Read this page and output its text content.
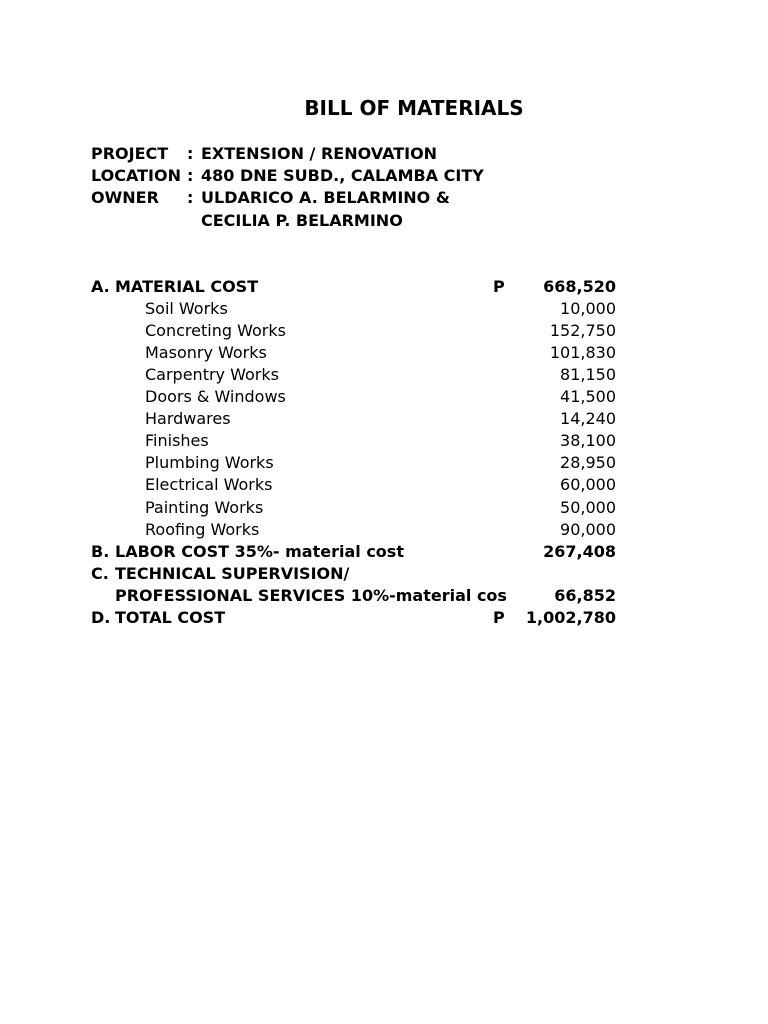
BILL OF MATERIALS
PROJECT : EXTENSION / RENOVATION
LOCATION : 480 DNE SUBD., CALAMBA CITY
OWNER : ULDARICO A. BELARMINO &
CECILIA P. BELARMINO
A. MATERIAL COST	P	668,520
Soil Works	10,000
Concreting Works	152,750
Masonry Works	101,830
Carpentry Works	81,150
Doors & Windows	41,500
Hardwares	14,240
Finishes	38,100
Plumbing Works	28,950
Electrical Works	60,000
Painting Works	50,000
Roofing Works	90,000
B. LABOR COST 35%- material cost	267,408
C. TECHNICAL SUPERVISION/
PROFESSIONAL SERVICES 10%-material cos	66,852
D. TOTAL COST	P	1,002,780
